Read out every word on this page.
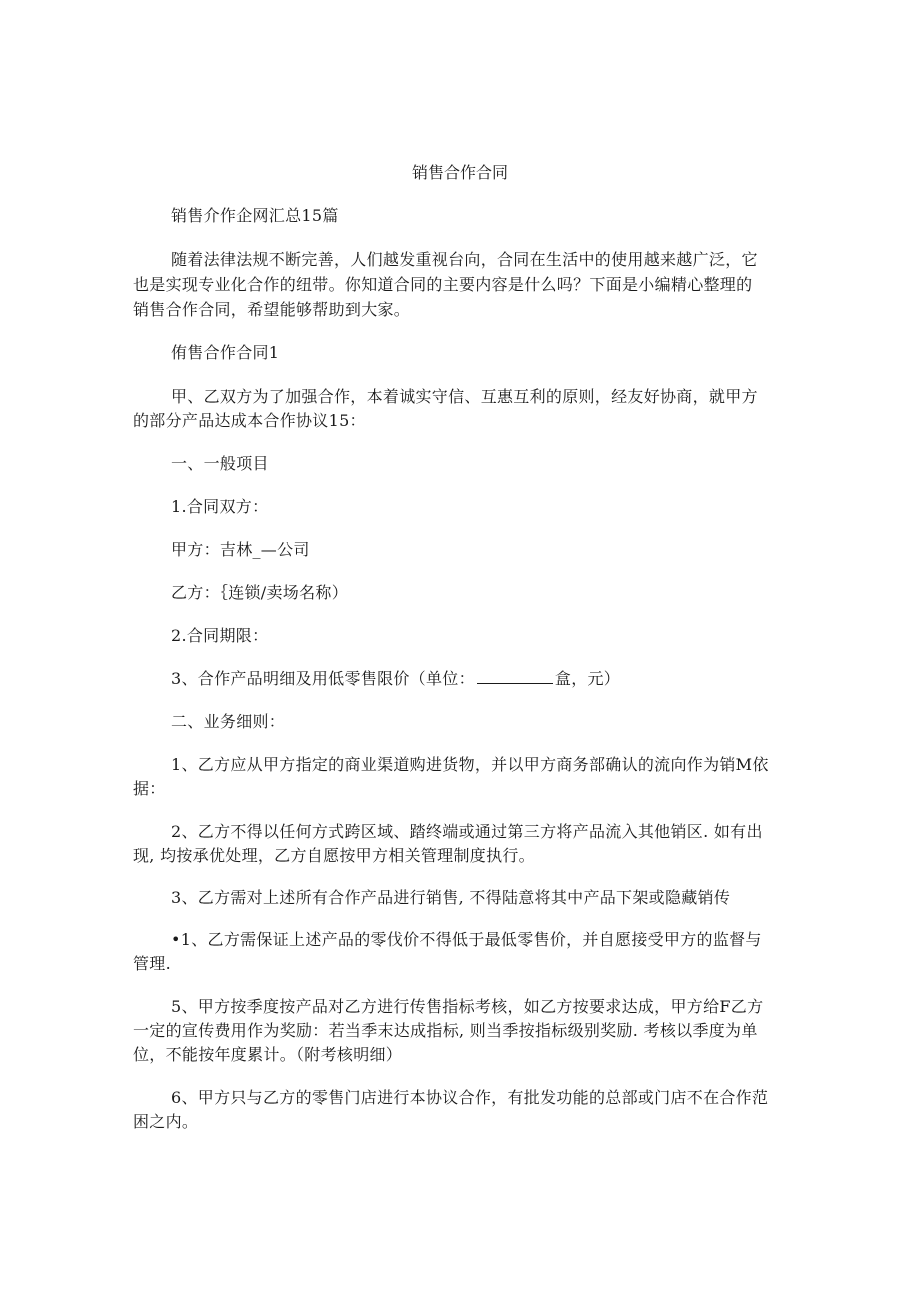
销售合作合同
销售介作企网汇总15篇
随着法律法规不断完善，人们越发重视台向，合同在生活中的使用越来越广泛，它
也是实现专业化合作的纽带。你知道合同的主要内容是什么吗？下面是小编精心整理的
销售合作合同，希望能够帮助到大家。
侑售合作合同1
甲、乙双方为了加强合作，本着诚实守信、互惠互利的原则，经友好协商，就甲方
的部分产品达成本合作协议15：
一、一般项目
1.合同双方：
甲方：吉林_—公司
乙方：｛连锁/卖场名称）
2.合同期限：
3、合作产品明细及用低零售限价（单位：	盒，元）
二、业务细则：
1、乙方应从甲方指定的商业渠道购进货物，并以甲方商务部确认的流向作为销M依
据：
2、乙方不得以任何方式跨区域、踏终端或通过第三方将产品流入其他销区. 如有出
现, 均按承优处理，乙方自愿按甲方相关管理制度执行。
3、乙方需对上述所有合作产品进行销售, 不得陆意将其中产品下架或隐藏销传
•1、乙方需保证上述产品的零伐价不得低于最低零售价，并自愿接受甲方的监督与
管理.
5、甲方按季度按产品对乙方进行传售指标考核，如乙方按要求达成，甲方给F乙方
一定的宣传费用作为奖励：若当季末达成指标, 则当季按指标级别奖励. 考核以季度为单
位，不能按年度累计。（附考核明细）
6、甲方只与乙方的零售门店进行本协议合作，有批发功能的总部或门店不在合作范
困之内。
